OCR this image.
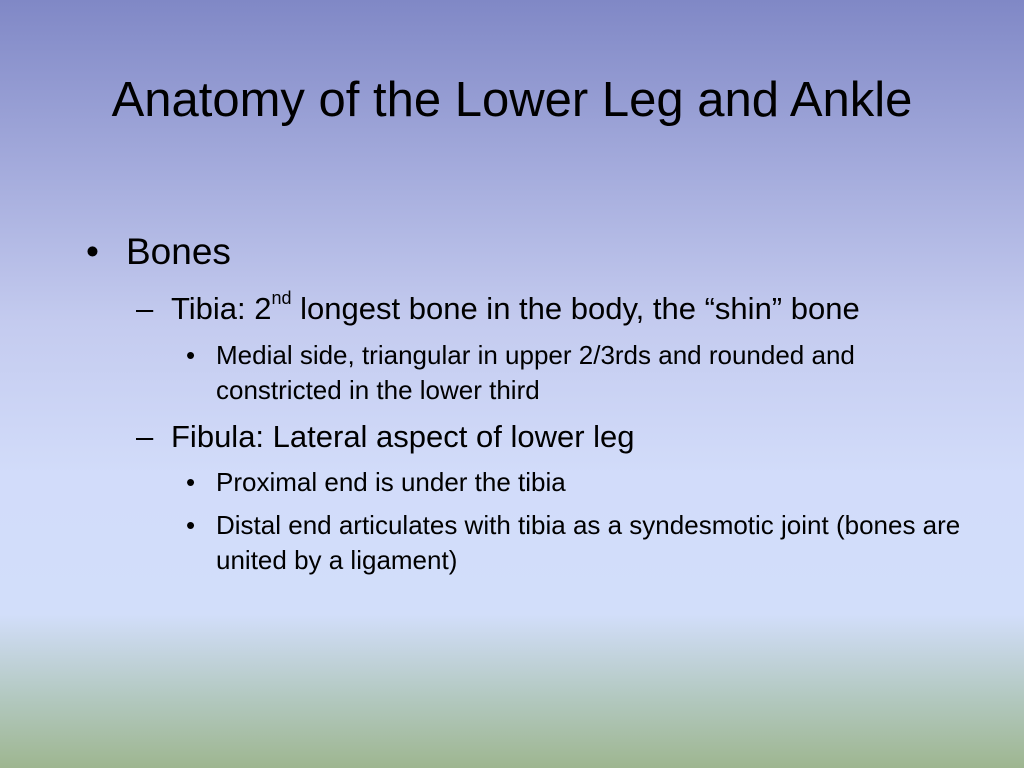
Anatomy of the Lower Leg and Ankle
• Bones
– Tibia: 2nd longest bone in the body, the “shin” bone
• Medial side, triangular in upper 2/3rds and rounded and constricted in the lower third
– Fibula: Lateral aspect of lower leg
• Proximal end is under the tibia
• Distal end articulates with tibia as a syndesmotic joint (bones are united by a ligament)
